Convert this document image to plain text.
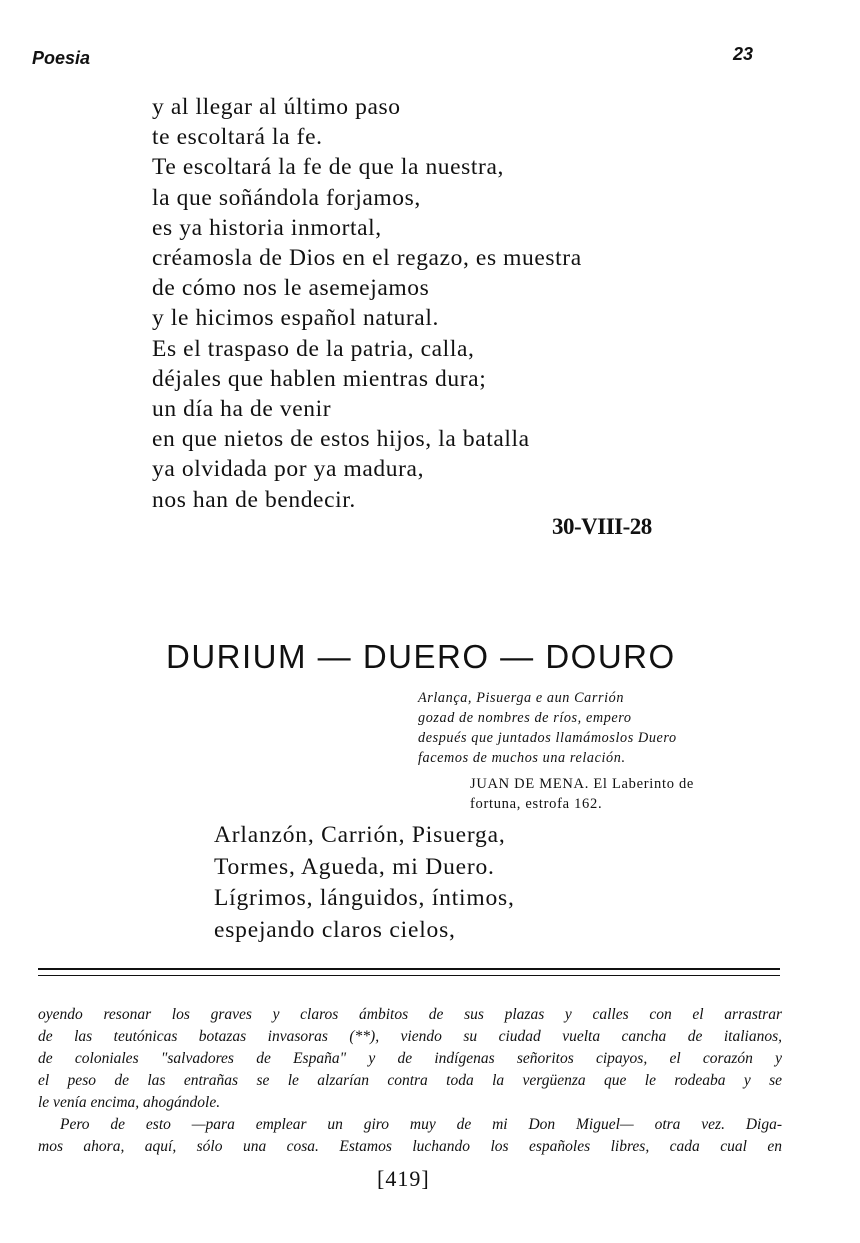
Poesia	23
y al llegar al último paso
te escoltará la fe.
Te escoltará la fe de que la nuestra,
la que soñándola forjamos,
es ya historia inmortal,
créamosla de Dios en el regazo, es muestra
de cómo nos le asemejamos
y le hicimos español natural.
Es el traspaso de la patria, calla,
déjales que hablen mientras dura;
un día ha de venir
en que nietos de estos hijos, la batalla
ya olvidada por ya madura,
nos han de bendecir.
30-VIII-28
DURIUM — DUERO — DOURO
Arlança, Pisuerga e aun Carrión
gozad de nombres de ríos, empero
después que juntados llamámoslos Duero
facemos de muchos una relación.
JUAN DE MENA. El Laberinto de
fortuna, estrofa 162.
Arlanzón, Carrión, Pisuerga,
Tormes, Agueda, mi Duero.
Lígrimos, lánguidos, íntimos,
espejando claros cielos,
oyendo resonar los graves y claros ámbitos de sus plazas y calles con el arrastrar
de las teutónicas botazas invasoras (**), viendo su ciudad vuelta cancha de italianos,
de coloniales "salvadores de España" y de indígenas señoritos cipayos, el corazón y
el peso de las entrañas se le alzarían contra toda la vergüenza que le rodeaba y se
le venía encima, ahogándole.
Pero de esto —para emplear un giro muy de mi Don Miguel— otra vez. Diga-
mos ahora, aquí, sólo una cosa. Estamos luchando los españoles libres, cada cual en
[419]
